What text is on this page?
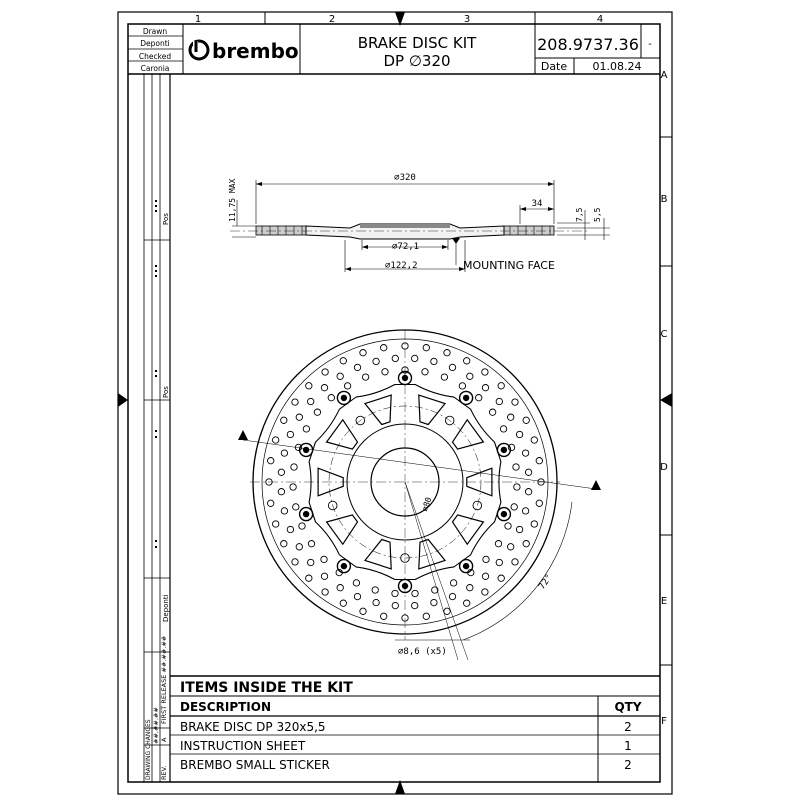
1	2	3	4
A
B
C
D
E
F
Drawn
Deponti
Checked
Caronia
brembo	BRAKE DISC KIT
DP ∅320
208.9737.36 -
Date 01.08.24
Pos
Pos
Deponti
FIRST RELEASE ##.##.##
A
##.##.##
DRAWING CHANGES REV.
∅320
34
∅72,1
∅122,2	MOUNTING FACE
11,75 MAX	7,5 5,5
∅80
72°
∅8,6 (x5)
ITEMS INSIDE THE KIT
DESCRIPTION	QTY
BRAKE DISC DP 320x5,5	2
INSTRUCTION SHEET	1
BREMBO SMALL STICKER	2
